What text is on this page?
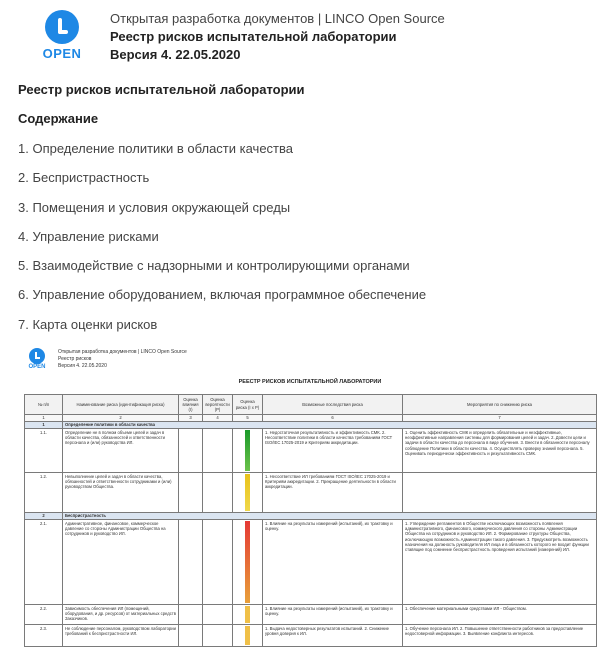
OPEN
Открытая разработка документов | LINCO Open Source
Реестр рисков испытательной лаборатории
Версия 4. 22.05.2020
Реестр рисков испытательной лаборатории
Содержание
1. Определение политики в области качества
2. Беспристрастность
3. Помещения и условия окружающей среды
4. Управление рисками
5. Взаимодействие с надзорными и контролирующими органами
6. Управление оборудованием, включая программное обеспечение
7. Карта оценки рисков
OPEN
Открытая разработка документов | LINCO Open Source
Реестр рисков
Версия 4. 22.05.2020
РЕЕСТР РИСКОВ ИСПЫТАТЕЛЬНОЙ ЛАБОРАТОРИИ
№ п/п	Наименование риска (идентификация риска)	Оценка влияния (I)	Оценка вероятности (P)	Оценка риска (I x P)	Возможные последствия риска	Мероприятия по снижению риска
1	2	3	4	5	6	7
1	Определение политики в области качества					
1.1.	Определение не в полном объеме целей и задач в области качества, обязанностей и ответственности персонала и (или) руководства ИЛ.				1. Недостаточная результативность и эффективность СМК. 2. Несоответствие политики в области качества требованиям ГОСТ ISO/IEC 17025-2019 и Критериям аккредитации.	1. Оценить эффективность СМК и определить обязательные и неэффективные, неэффективные направления системы для формирования целей и задач. 2. Довести цели и задачи в области качества до персонала в виде обучения. 3. Внести в обязанности персоналу соблюдение Политики в области качества. 4. Осуществлять проверку знаний персонала. 5. Оценивать периодически эффективность и результативность СМК.
1.2.	Невыполнение целей и задач в области качества, обязанностей и ответственности сотрудниками и (или) руководством Общества.				1. Несоответствие ИЛ требованиям ГОСТ ISO/IEC 17025-2019 и Критериям аккредитации. 2. Прекращение деятельности в области аккредитации.	
2	Беспристрастность					
2.1.	Административное, финансовое, коммерческое давление со стороны Администрации Общества на сотрудников и руководство ИЛ.				1. Влияние на результаты измерений (испытаний), их трактовку и оценку.	1. Утверждение регламентов в Обществе исключающих возможность появления административного, финансового, коммерческого давления со стороны Администрации Общества на сотрудников и руководство ИЛ. 2. Формирование структуры Общества, исключающую возможность Администрации такого давления. 3. Предусмотреть возможность назначения на должность руководителя ИЛ лица и в обязанность которого не входит функции ставящие под сомнение беспристрастность проведения испытаний (измерений) ИЛ.
2.2.	Зависимость обеспечения ИЛ (помещений, оборудования, и др. ресурсов) от материальных средств Заказчиков.				1. Влияние на результаты измерений (испытаний), их трактовку и оценку.	1. Обеспечение материальными средствами ИЛ - Обществом.
2.3.	Не соблюдение персоналом, руководством лаборатории требований к беспристрастности ИЛ.				1. Выдача недостоверных результатов испытаний. 2. Снижение уровня доверия к ИЛ.	1. Обучение персонала ИЛ. 2. Повышение ответственности работников за предоставление недостоверной информации. 3. Выявление конфликта интересов.
